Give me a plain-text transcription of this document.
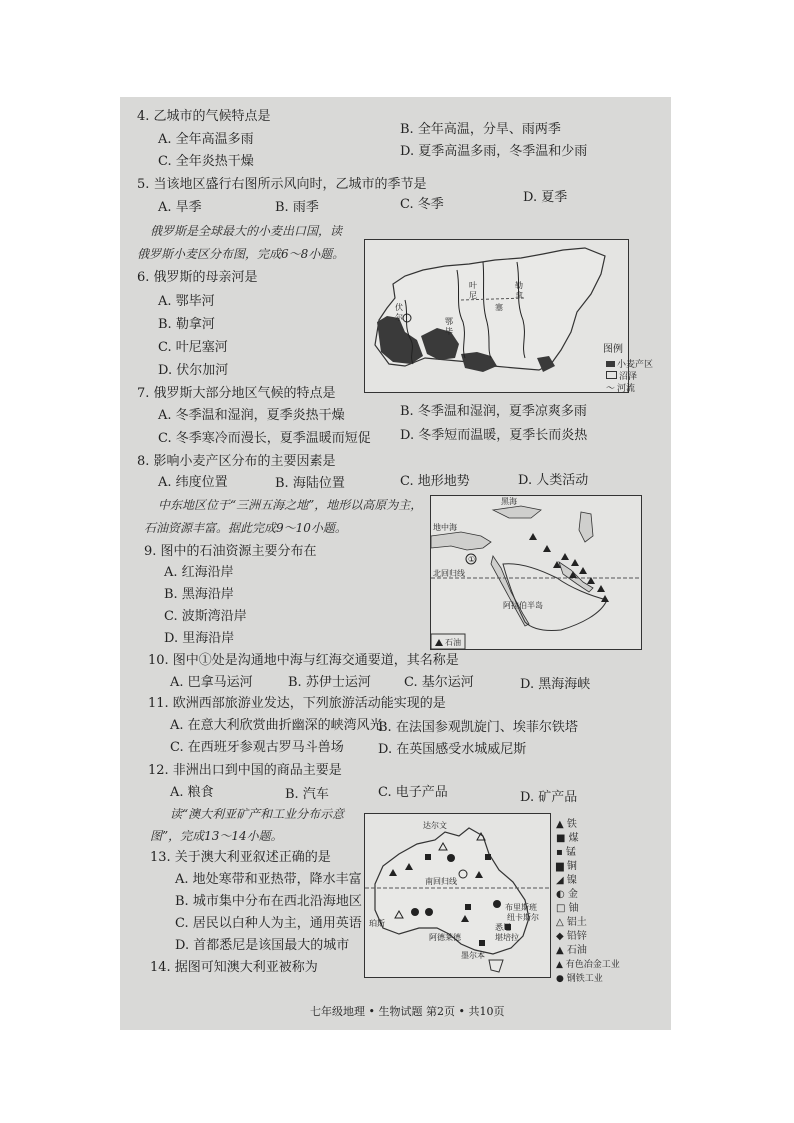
4. 乙城市的气候特点是
A. 全年高温多雨
B. 全年高温，分旱、雨两季
C. 全年炎热干燥
D. 夏季高温多雨，冬季温和少雨
5. 当该地区盛行右图所示风向时，乙城市的季节是
A. 旱季	B. 雨季	C. 冬季	D. 夏季
俄罗斯是全球最大的小麦出口国，读
俄罗斯小麦区分布图，完成6～8小题。
伏
尔
叶
尼
塞
勒
拿
鄂
毕
图例
小麦产区
沼泽
〜 河流
6. 俄罗斯的母亲河是
A. 鄂毕河
B. 勒拿河
C. 叶尼塞河
D. 伏尔加河
7. 俄罗斯大部分地区气候的特点是
A. 冬季温和湿润，夏季炎热干燥	B. 冬季温和湿润，夏季凉爽多雨
C. 冬季寒冷而漫长，夏季温暖而短促 D. 冬季短而温暖，夏季长而炎热
8. 影响小麦产区分布的主要因素是
A. 纬度位置	B. 海陆位置	C. 地形地势	D. 人类活动
中东地区位于“三洲五海之地”，地形以高原为主，
石油资源丰富。据此完成9～10小题。
①
黑海
地中海
北回归线
阿拉伯半岛
石油
9. 图中的石油资源主要分布在
A. 红海沿岸
B. 黑海沿岸
C. 波斯湾沿岸
D. 里海沿岸
10. 图中①处是沟通地中海与红海交通要道，其名称是
A. 巴拿马运河	B. 苏伊士运河	C. 基尔运河	D. 黑海海峡
11. 欧洲西部旅游业发达，下列旅游活动能实现的是
A. 在意大利欣赏曲折幽深的峡湾风光
B. 在法国参观凯旋门、埃菲尔铁塔
C. 在西班牙参观古罗马斗兽场	D. 在英国感受水城威尼斯
12. 非洲出口到中国的商品主要是
A. 粮食	B. 汽车	C. 电子产品	D. 矿产品
读“澳大利亚矿产和工业分布示意
图”，完成13～14小题。
达尔文
珀斯
阿德莱德
墨尔本
布里斯班
纽卡斯尔
悉尼
堪培拉
南回归线
▲ 铁
■ 煤
▪ 锰
▆ 铜
◢ 镍
◐ 金
□ 铀
△ 铝土
◆ 铅锌
▲ 石油
▲ 有色冶金工业
● 钢铁工业
13. 关于澳大利亚叙述正确的是
A. 地处寒带和亚热带，降水丰富
B. 城市集中分布在西北沿海地区
C. 居民以白种人为主，通用英语
D. 首都悉尼是该国最大的城市
14. 据图可知澳大利亚被称为
七年级地理 • 生物试题 第2页 • 共10页
